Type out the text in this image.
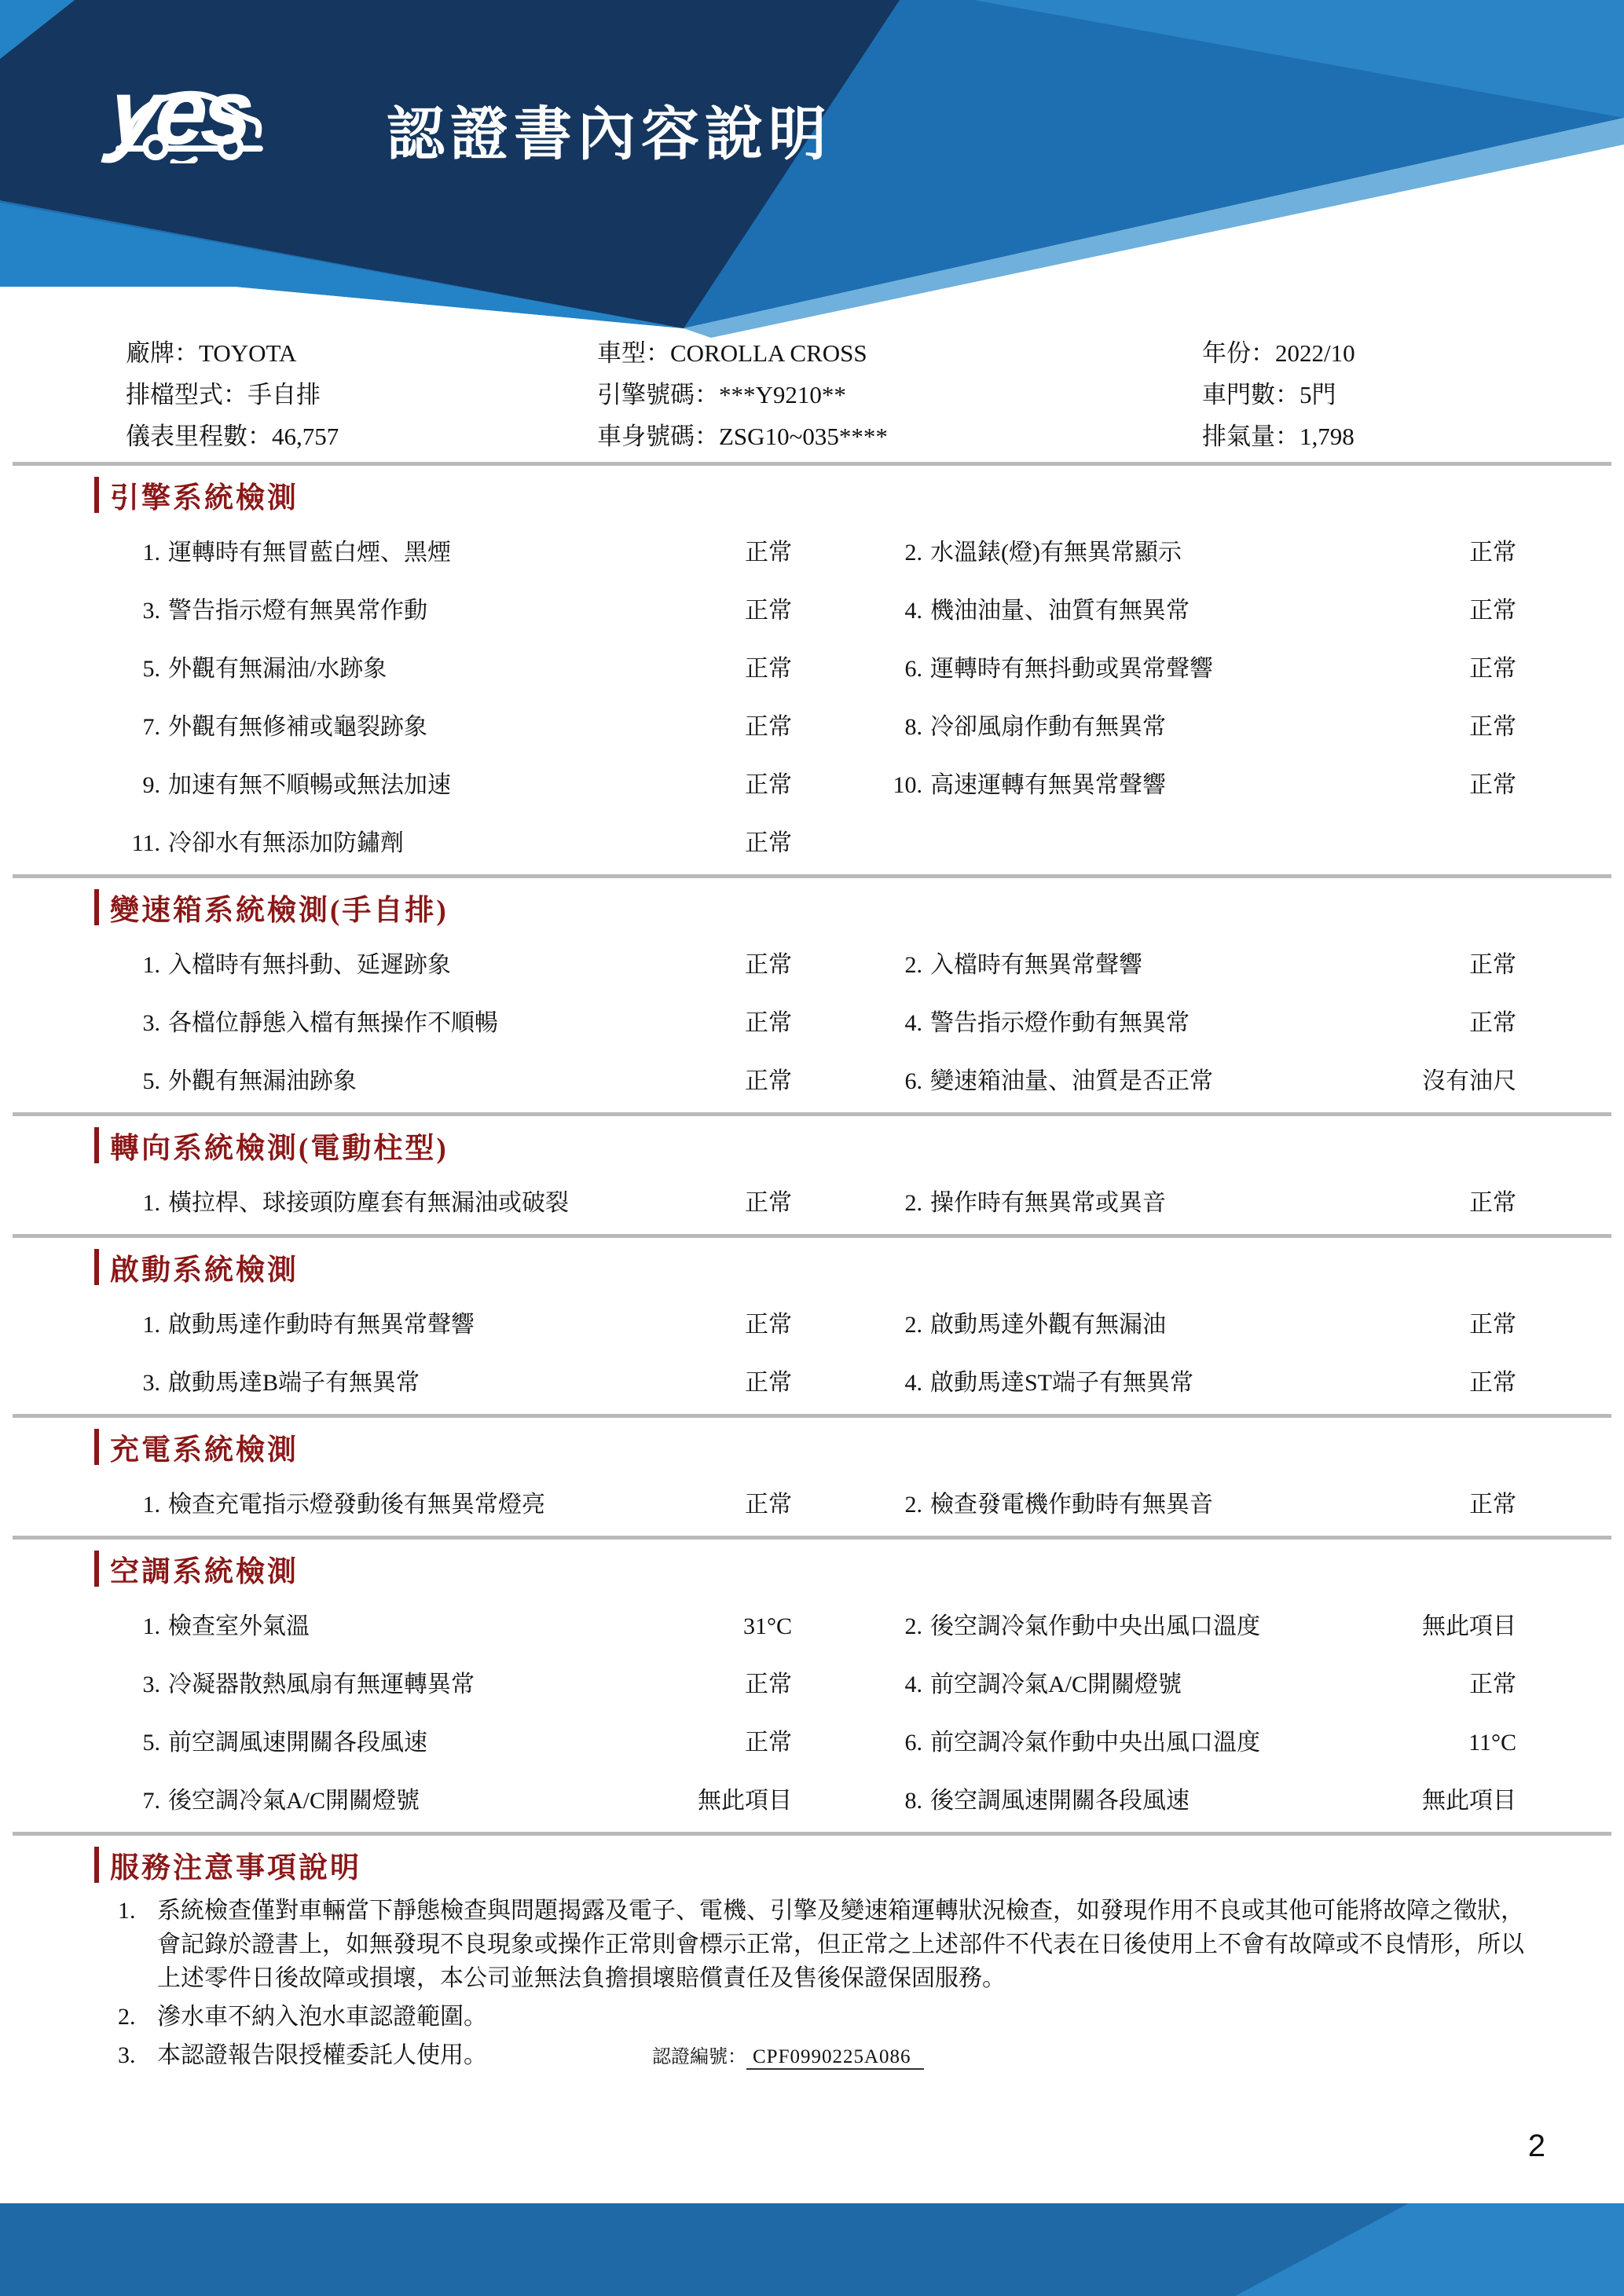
yes 認證書內容說明
廠牌： TOYOTA	車型： COROLLA CROSS	年份： 2022/10
排檔型式： 手自排	引擎號碼： ***Y9210**	車門數： 5門
儀表里程數： 46,757	車身號碼： ZSG10~035****	排氣量： 1,798
引擎系統檢測
1. 運轉時有無冒藍白煙、黑煙	正常	2. 水溫錶(燈)有無異常顯示	正常
3. 警告指示燈有無異常作動	正常	4. 機油油量、油質有無異常	正常
5. 外觀有無漏油/水跡象	正常	6. 運轉時有無抖動或異常聲響	正常
7. 外觀有無修補或龜裂跡象	正常	8. 冷卻風扇作動有無異常	正常
9. 加速有無不順暢或無法加速	正常	10. 高速運轉有無異常聲響	正常
11. 冷卻水有無添加防鏽劑	正常
變速箱系統檢測(手自排)
1. 入檔時有無抖動、延遲跡象	正常	2. 入檔時有無異常聲響	正常
3. 各檔位靜態入檔有無操作不順暢	正常	4. 警告指示燈作動有無異常	正常
5. 外觀有無漏油跡象	正常	6. 變速箱油量、油質是否正常	沒有油尺
轉向系統檢測(電動柱型)
1. 橫拉桿、球接頭防塵套有無漏油或破裂	正常	2. 操作時有無異常或異音	正常
啟動系統檢測
1. 啟動馬達作動時有無異常聲響	正常	2. 啟動馬達外觀有無漏油	正常
3. 啟動馬達B端子有無異常	正常	4. 啟動馬達ST端子有無異常	正常
充電系統檢測
1. 檢查充電指示燈發動後有無異常燈亮	正常	2. 檢查發電機作動時有無異音	正常
空調系統檢測
1. 檢查室外氣溫	31°C	2. 後空調冷氣作動中央出風口溫度	無此項目
3. 冷凝器散熱風扇有無運轉異常	正常	4. 前空調冷氣A/C開關燈號	正常
5. 前空調風速開關各段風速	正常	6. 前空調冷氣作動中央出風口溫度	11°C
7. 後空調冷氣A/C開關燈號	無此項目	8. 後空調風速開關各段風速	無此項目
服務注意事項說明
1. 系統檢查僅對車輛當下靜態檢查與問題揭露及電子、電機、引擎及變速箱運轉狀況檢查，如發現作用不良或其他可能將故障之徵狀，會記錄於證書上，如無發現不良現象或操作正常則會標示正常，但正常之上述部件不代表在日後使用上不會有故障或不良情形，所以上述零件日後故障或損壞，本公司並無法負擔損壞賠償責任及售後保證保固服務。
2. 滲水車不納入泡水車認證範圍。
3. 本認證報告限授權委託人使用。	認證編號： CPF0990225A086
2
